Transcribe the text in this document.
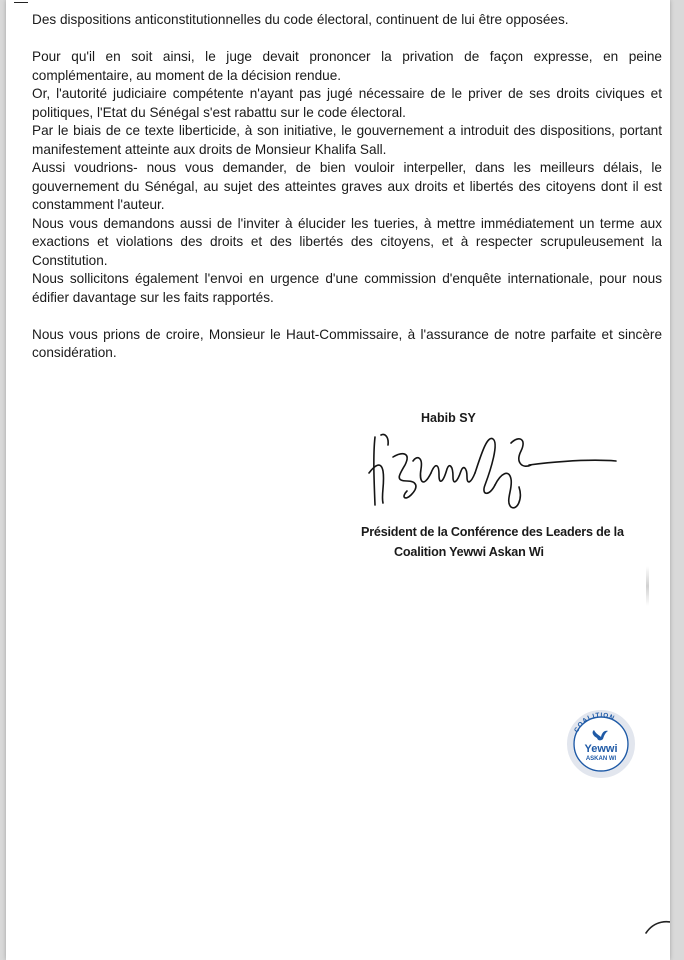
Des dispositions anticonstitutionnelles du code électoral, continuent de lui être opposées.

Pour qu'il en soit ainsi, le juge devait prononcer la privation de façon expresse, en peine complémentaire, au moment de la décision rendue.

Or, l'autorité judiciaire compétente n'ayant pas jugé nécessaire de le priver de ses droits civiques et politiques, l'Etat du Sénégal s'est rabattu sur le code électoral.

Par le biais de ce texte liberticide, à son initiative, le gouvernement a introduit des dispositions, portant manifestement atteinte aux droits de Monsieur Khalifa Sall.

Aussi voudrions- nous vous demander, de bien vouloir interpeller, dans les meilleurs délais, le gouvernement du Sénégal, au sujet des atteintes graves aux droits et libertés des citoyens dont il est constamment l'auteur.

Nous vous demandons aussi de l'inviter à élucider les tueries, à mettre immédiatement un terme aux exactions et violations des droits et des libertés des citoyens, et à respecter scrupuleusement la Constitution.

Nous sollicitons également l'envoi en urgence d'une commission d'enquête internationale, pour nous édifier davantage sur les faits rapportés.

Nous vous prions de croire, Monsieur le Haut-Commissaire, à l'assurance de notre parfaite et sincère considération.

Habib SY
Président de la Conférence des Leaders de la
Coalition Yewwi Askan Wi
COALITION
Yewwi
ASKAN WI
